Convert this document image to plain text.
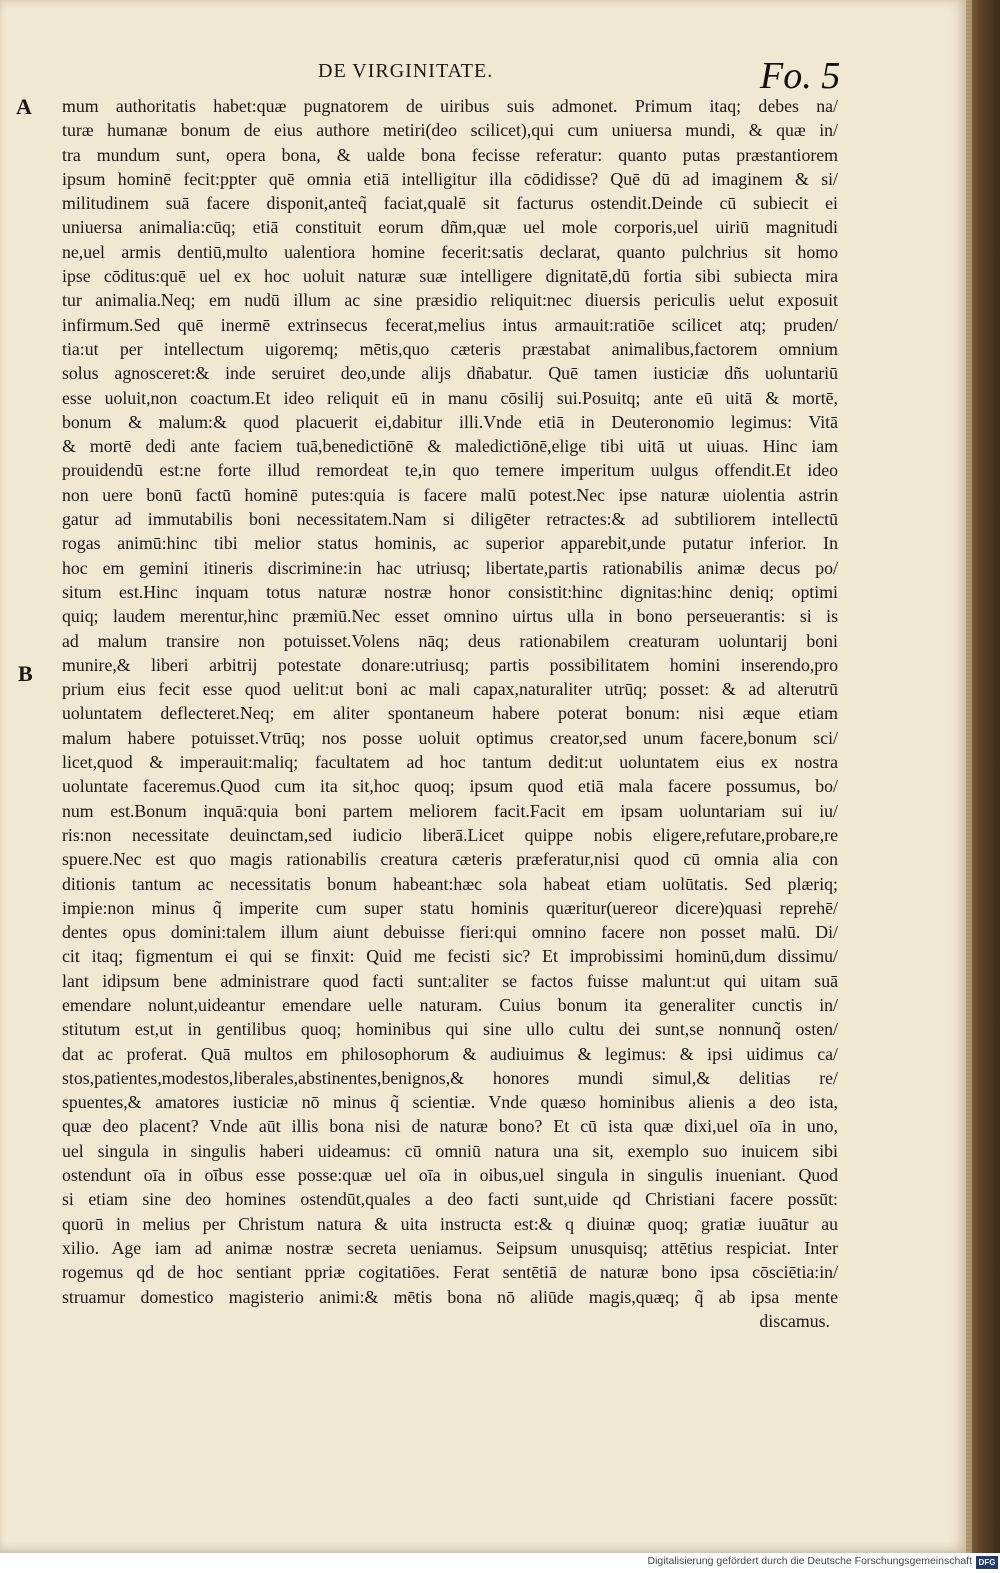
DE VIRGINITATE.	Fo. 5
A
B
mum authoritatis habet:quæ pugnatorem de uiribus suis admonet. Primum itaq; debes na/
turæ humanæ bonum de eius authore metiri(deo scilicet),qui cum uniuersa mundi, & quæ in/
tra mundum sunt, opera bona, & ualde bona fecisse referatur: quanto putas præstantiorem
ipsum hominē fecit:ppter quē omnia etiā intelligitur illa cōdidisse? Quē dū ad imaginem & si/
militudinem suā facere disponit,anteq̃ faciat,qualē sit facturus ostendit.Deinde cū subiecit ei
uniuersa animalia:cūq; etiā constituit eorum dñm,quæ uel mole corporis,uel uiriū magnitudi
ne,uel armis dentiū,multo ualentiora homine fecerit:satis declarat, quanto pulchrius sit homo
ipse cōditus:quē uel ex hoc uoluit naturæ suæ intelligere dignitatē,dū fortia sibi subiecta mira
tur animalia.Neq; em nudū illum ac sine præsidio reliquit:nec diuersis periculis uelut exposuit
infirmum.Sed quē inermē extrinsecus fecerat,melius intus armauit:ratiōe scilicet atq; pruden/
tia:ut per intellectum uigoremq; mētis,quo cæteris præstabat animalibus,factorem omnium
solus agnosceret:& inde seruiret deo,unde alijs dñabatur. Quē tamen iusticiæ dñs uoluntariū
esse uoluit,non coactum.Et ideo reliquit eū in manu cōsilij sui.Posuitq; ante eū uitā & mortē,
bonum & malum:& quod placuerit ei,dabitur illi.Vnde etiā in Deuteronomio legimus: Vitā
& mortē dedi ante faciem tuā,benedictiōnē & maledictiōnē,elige tibi uitā ut uiuas. Hinc iam
prouidendū est:ne forte illud remordeat te,in quo temere imperitum uulgus offendit.Et ideo
non uere bonū factū hominē putes:quia is facere malū potest.Nec ipse naturæ uiolentia astrin
gatur ad immutabilis boni necessitatem.Nam si diligēter retractes:& ad subtiliorem intellectū
rogas animū:hinc tibi melior status hominis, ac superior apparebit,unde putatur inferior. In
hoc em gemini itineris discrimine:in hac utriusq; libertate,partis rationabilis animæ decus po/
situm est.Hinc inquam totus naturæ nostræ honor consistit:hinc dignitas:hinc deniq; optimi
quiq; laudem merentur,hinc præmiū.Nec esset omnino uirtus ulla in bono perseuerantis: si is
ad malum transire non potuisset.Volens nāq; deus rationabilem creaturam uoluntarij boni
munire,& liberi arbitrij potestate donare:utriusq; partis possibilitatem homini inserendo,pro
prium eius fecit esse quod uelit:ut boni ac mali capax,naturaliter utrūq; posset: & ad alterutrū
uoluntatem deflecteret.Neq; em aliter spontaneum habere poterat bonum: nisi æque etiam
malum habere potuisset.Vtrūq; nos posse uoluit optimus creator,sed unum facere,bonum sci/
licet,quod & imperauit:maliq; facultatem ad hoc tantum dedit:ut uoluntatem eius ex nostra
uoluntate faceremus.Quod cum ita sit,hoc quoq; ipsum quod etiā mala facere possumus, bo/
num est.Bonum inquā:quia boni partem meliorem facit.Facit em ipsam uoluntariam sui iu/
ris:non necessitate deuinctam,sed iudicio liberā.Licet quippe nobis eligere,refutare,probare,re
spuere.Nec est quo magis rationabilis creatura cæteris præferatur,nisi quod cū omnia alia con
ditionis tantum ac necessitatis bonum habeant:hæc sola habeat etiam uolūtatis. Sed plæriq;
impie:non minus q̃ imperite cum super statu hominis quæritur(uereor dicere)quasi reprehē/
dentes opus domini:talem illum aiunt debuisse fieri:qui omnino facere non posset malū. Di/
cit itaq; figmentum ei qui se finxit: Quid me fecisti sic? Et improbissimi hominū,dum dissimu/
lant idipsum bene administrare quod facti sunt:aliter se factos fuisse malunt:ut qui uitam suā
emendare nolunt,uideantur emendare uelle naturam. Cuius bonum ita generaliter cunctis in/
stitutum est,ut in gentilibus quoq; hominibus qui sine ullo cultu dei sunt,se nonnunq̃ osten/
dat ac proferat. Quā multos em philosophorum & audiuimus & legimus: & ipsi uidimus ca/
stos,patientes,modestos,liberales,abstinentes,benignos,& honores mundi simul,& delitias re/
spuentes,& amatores iusticiæ nō minus q̃ scientiæ. Vnde quæso hominibus alienis a deo ista,
quæ deo placent? Vnde aūt illis bona nisi de naturæ bono? Et cū ista quæ dixi,uel oīa in uno,
uel singula in singulis haberi uideamus: cū omniū natura una sit, exemplo suo inuicem sibi
ostendunt oīa in oībus esse posse:quæ uel oīa in oibus,uel singula in singulis inueniant. Quod
si etiam sine deo homines ostendūt,quales a deo facti sunt,uide qd Christiani facere possūt:
quorū in melius per Christum natura & uita instructa est:& q diuinæ quoq; gratiæ iuuātur au
xilio. Age iam ad animæ nostræ secreta ueniamus. Seipsum unusquisq; attētius respiciat. Inter
rogemus qd de hoc sentiant ppriæ cogitatiōes. Ferat sentētiā de naturæ bono ipsa cōsciētia:in/
struamur domestico magisterio animi:& mētis bona nō aliūde magis,quæq; q̃ ab ipsa mente
discamus.
Digitalisierung gefördert durch die Deutsche Forschungsgemeinschaft DFG
